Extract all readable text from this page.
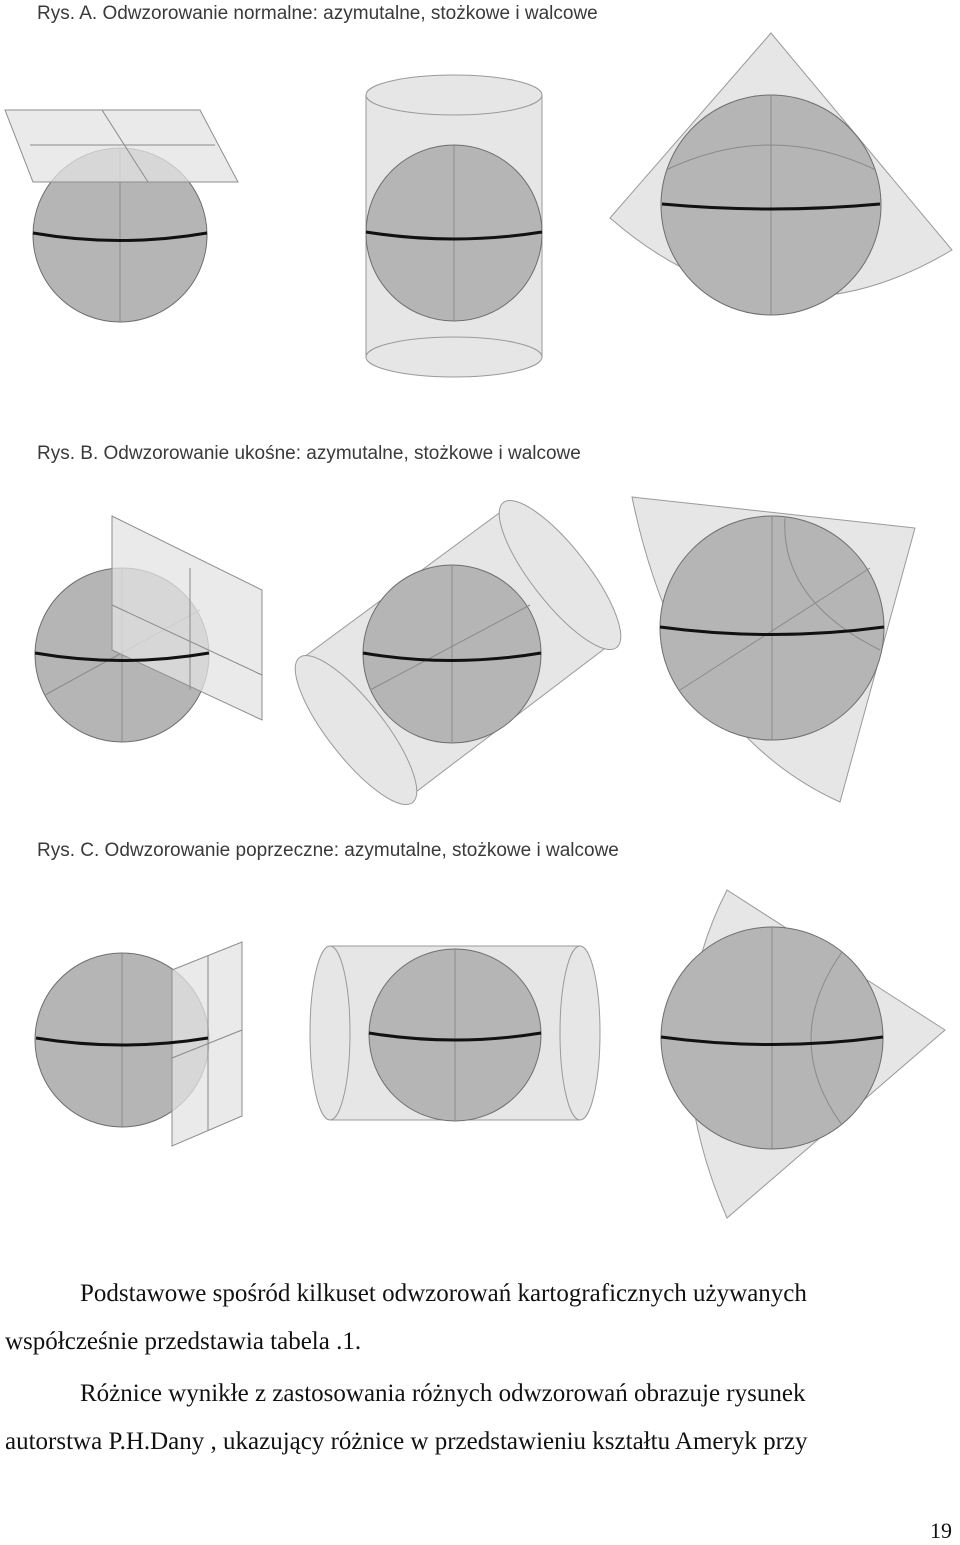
Rys. A. Odwzorowanie normalne: azymutalne, stożkowe i walcowe
Rys. B. Odwzorowanie ukośne: azymutalne, stożkowe i walcowe
Rys. C. Odwzorowanie poprzeczne: azymutalne, stożkowe i walcowe
Podstawowe spośród kilkuset odwzorowań kartograficznych używanych
współcześnie przedstawia tabela .1.
Różnice wynikłe z zastosowania różnych odwzorowań obrazuje rysunek
autorstwa P.H.Dany , ukazujący różnice w przedstawieniu kształtu Ameryk przy
19
